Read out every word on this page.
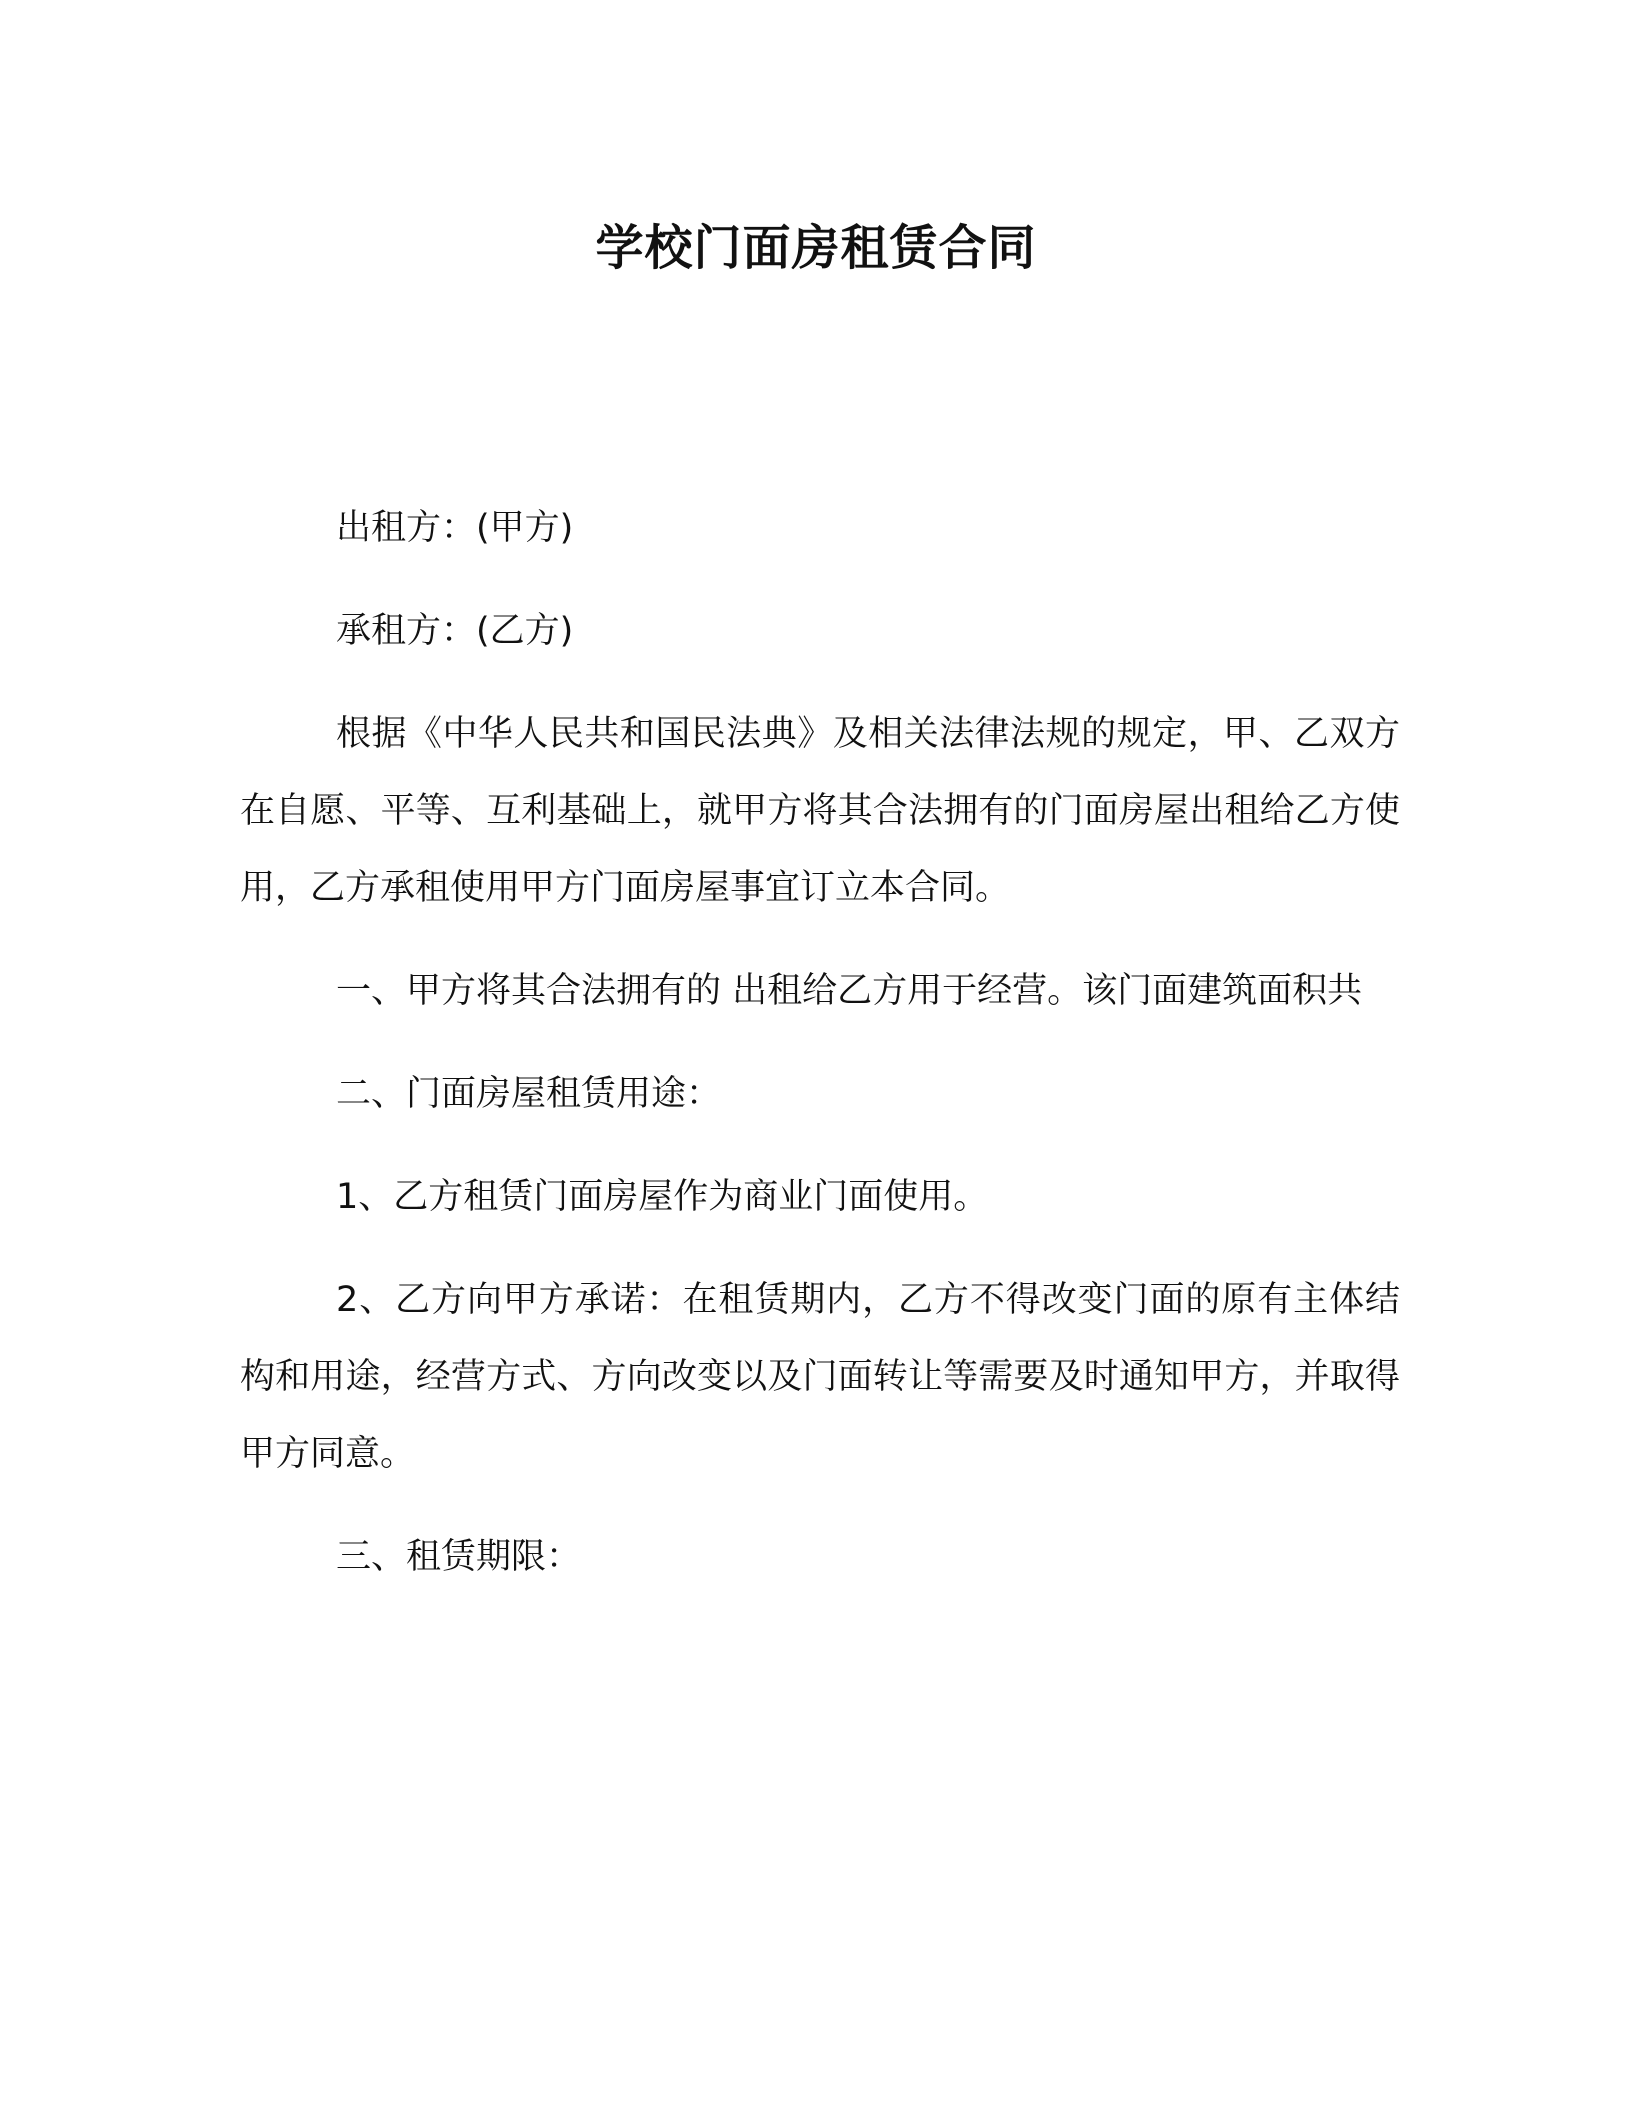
学校门面房租赁合同

出租方：(甲方)

承租方：(乙方)

根据《中华人民共和国民法典》及相关法律法规的规定，甲、乙双方在自愿、平等、互利基础上，就甲方将其合法拥有的门面房屋出租给乙方使用，乙方承租使用甲方门面房屋事宜订立本合同。

一、甲方将其合法拥有的 出租给乙方用于经营。该门面建筑面积共

二、门面房屋租赁用途：

1、乙方租赁门面房屋作为商业门面使用。

2、乙方向甲方承诺：在租赁期内，乙方不得改变门面的原有主体结构和用途，经营方式、方向改变以及门面转让等需要及时通知甲方，并取得甲方同意。

三、租赁期限：
